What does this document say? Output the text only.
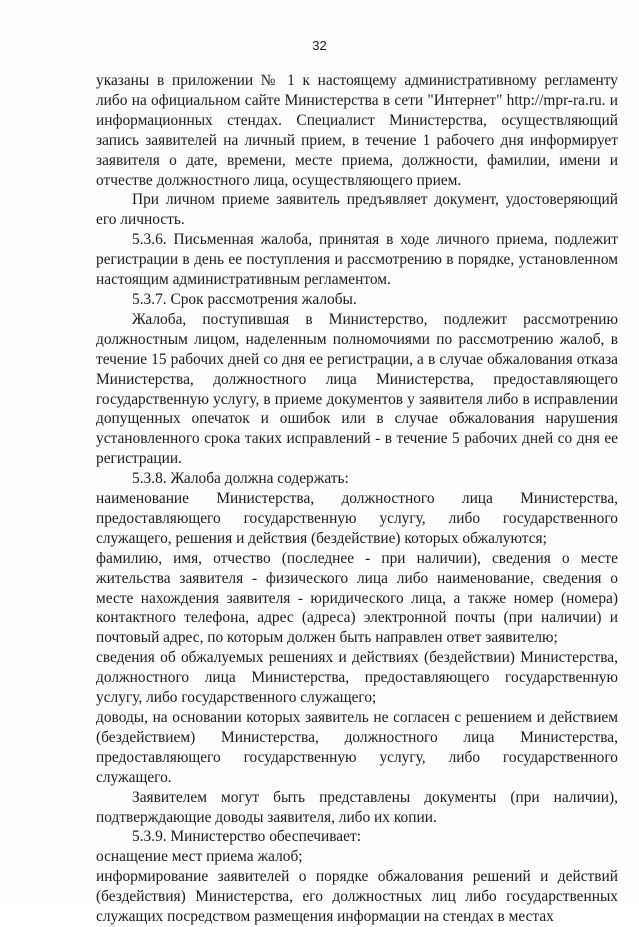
32

указаны в приложении № 1 к настоящему административному регламенту либо на официальном сайте Министерства в сети "Интернет" http://mpr-ra.ru. и информационных стендах. Специалист Министерства, осуществляющий запись заявителей на личный прием, в течение 1 рабочего дня информирует заявителя о дате, времени, месте приема, должности, фамилии, имени и отчестве должностного лица, осуществляющего прием.

При личном приеме заявитель предъявляет документ, удостоверяющий его личность.

5.3.6. Письменная жалоба, принятая в ходе личного приема, подлежит регистрации в день ее поступления и рассмотрению в порядке, установленном настоящим административным регламентом.

5.3.7. Срок рассмотрения жалобы.

Жалоба, поступившая в Министерство, подлежит рассмотрению должностным лицом, наделенным полномочиями по рассмотрению жалоб, в течение 15 рабочих дней со дня ее регистрации, а в случае обжалования отказа Министерства, должностного лица Министерства, предоставляющего государственную услугу, в приеме документов у заявителя либо в исправлении допущенных опечаток и ошибок или в случае обжалования нарушения установленного срока таких исправлений - в течение 5 рабочих дней со дня ее регистрации.

5.3.8. Жалоба должна содержать:

наименование Министерства, должностного лица Министерства, предоставляющего государственную услугу, либо государственного служащего, решения и действия (бездействие) которых обжалуются;

фамилию, имя, отчество (последнее - при наличии), сведения о месте жительства заявителя - физического лица либо наименование, сведения о месте нахождения заявителя - юридического лица, а также номер (номера) контактного телефона, адрес (адреса) электронной почты (при наличии) и почтовый адрес, по которым должен быть направлен ответ заявителю;

сведения об обжалуемых решениях и действиях (бездействии) Министерства, должностного лица Министерства, предоставляющего государственную услугу, либо государственного служащего;

доводы, на основании которых заявитель не согласен с решением и действием (бездействием) Министерства, должностного лица Министерства, предоставляющего государственную услугу, либо государственного служащего.

Заявителем могут быть представлены документы (при наличии), подтверждающие доводы заявителя, либо их копии.

5.3.9. Министерство обеспечивает:

оснащение мест приема жалоб;

информирование заявителей о порядке обжалования решений и действий (бездействия) Министерства, его должностных лиц либо государственных служащих посредством размещения информации на стендах в местах
